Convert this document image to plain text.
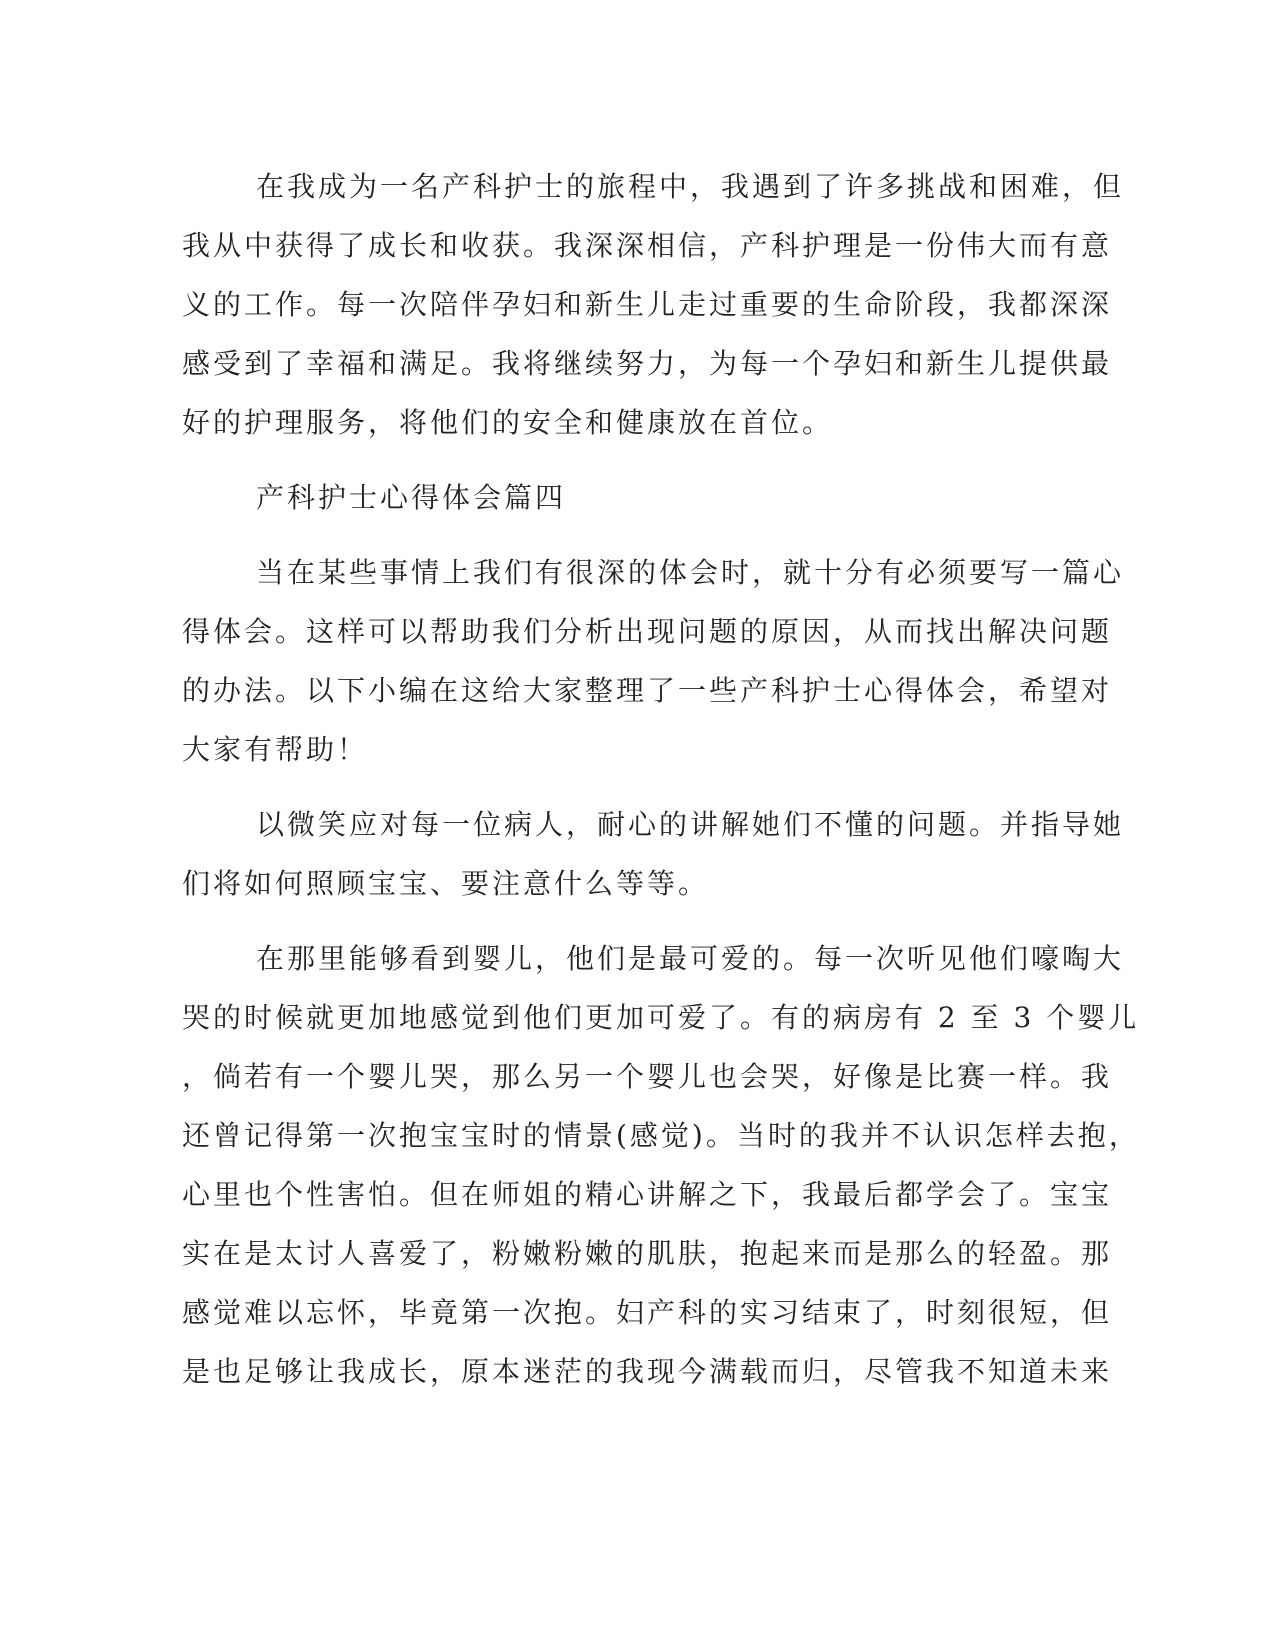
在我成为一名产科护士的旅程中，我遇到了许多挑战和困难，但
我从中获得了成长和收获。我深深相信，产科护理是一份伟大而有意
义的工作。每一次陪伴孕妇和新生儿走过重要的生命阶段，我都深深
感受到了幸福和满足。我将继续努力，为每一个孕妇和新生儿提供最
好的护理服务，将他们的安全和健康放在首位。
产科护士心得体会篇四
当在某些事情上我们有很深的体会时，就十分有必须要写一篇心
得体会。这样可以帮助我们分析出现问题的原因，从而找出解决问题
的办法。以下小编在这给大家整理了一些产科护士心得体会，希望对
大家有帮助！
以微笑应对每一位病人，耐心的讲解她们不懂的问题。并指导她
们将如何照顾宝宝、要注意什么等等。
在那里能够看到婴儿，他们是最可爱的。每一次听见他们嚎啕大
哭的时候就更加地感觉到他们更加可爱了。有的病房有 2 至 3 个婴儿
，倘若有一个婴儿哭，那么另一个婴儿也会哭，好像是比赛一样。我
还曾记得第一次抱宝宝时的情景(感觉)。当时的我并不认识怎样去抱，
心里也个性害怕。但在师姐的精心讲解之下，我最后都学会了。宝宝
实在是太讨人喜爱了，粉嫩粉嫩的肌肤，抱起来而是那么的轻盈。那
感觉难以忘怀，毕竟第一次抱。妇产科的实习结束了，时刻很短，但
是也足够让我成长，原本迷茫的我现今满载而归，尽管我不知道未来
